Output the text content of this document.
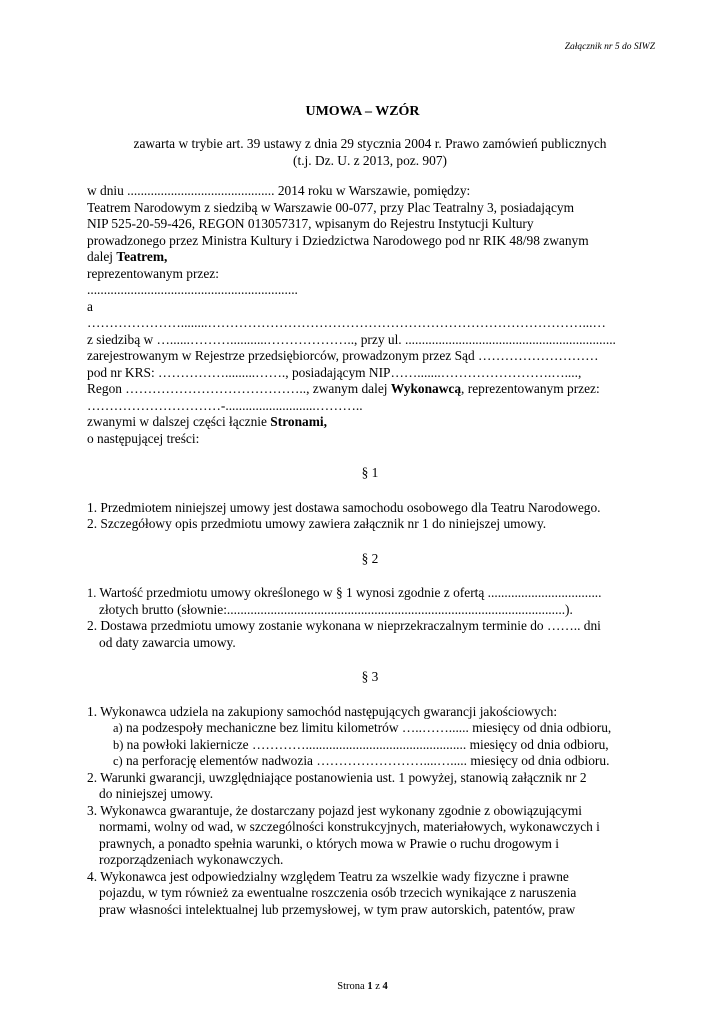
Załącznik nr 5 do SIWZ
UMOWA – WZÓR
zawarta w trybie art. 39 ustawy z dnia 29 stycznia 2004 r. Prawo zamówień publicznych
(t.j. Dz. U. z 2013, poz. 907)
w dniu ............................................ 2014 roku w Warszawie, pomiędzy:
Teatrem Narodowym z siedzibą w Warszawie 00-077, przy Plac Teatralny 3, posiadającym
NIP 525-20-59-426, REGON 013057317, wpisanym do Rejestru Instytucji Kultury
prowadzonego przez Ministra Kultury i Dziedzictwa Narodowego pod nr RIK 48/98 zwanym
dalej Teatrem,
reprezentowanym przez:
...............................................................
a
…………………........…………………………………………………………………………...…
z siedzibą w …......………...........……………….., przy ul. ...............................................................
zarejestrowanym w Rejestrze przedsiębiorców, prowadzonym przez Sąd ………………………
pod nr KRS: …………….........……., posiadającym NIP…….......…………………….…....,
Regon ………………………………….., zwanym dalej Wykonawcą, reprezentowanym przez:
…………………………-...........................………..
zwanymi w dalszej części łącznie Stronami,
o następującej treści:
§ 1
1. Przedmiotem niniejszej umowy jest dostawa samochodu osobowego dla Teatru Narodowego.
2. Szczegółowy opis przedmiotu umowy zawiera załącznik nr 1 do niniejszej umowy.
§ 2
1. Wartość przedmiotu umowy określonego w § 1 wynosi zgodnie z ofertą ..................................
złotych brutto (słownie:.....................................................................................................).
2. Dostawa przedmiotu umowy zostanie wykonana w nieprzekraczalnym terminie do …….. dni
od daty zawarcia umowy.
§ 3
1. Wykonawca udziela na zakupiony samochód następujących gwarancji jakościowych:
a) na podzespoły mechaniczne bez limitu kilometrów …..……...... miesięcy od dnia odbioru,
b) na powłoki lakiernicze …………................................................ miesięcy od dnia odbioru,
c) na perforację elementów nadwozia ……………………....…..... miesięcy od dnia odbioru.
2. Warunki gwarancji, uwzględniające postanowienia ust. 1 powyżej, stanowią załącznik nr 2
do niniejszej umowy.
3. Wykonawca gwarantuje, że dostarczany pojazd jest wykonany zgodnie z obowiązującymi
normami, wolny od wad, w szczególności konstrukcyjnych, materiałowych, wykonawczych i
prawnych, a ponadto spełnia warunki, o których mowa w Prawie o ruchu drogowym i
rozporządzeniach wykonawczych.
4. Wykonawca jest odpowiedzialny względem Teatru za wszelkie wady fizyczne i prawne
pojazdu, w tym również za ewentualne roszczenia osób trzecich wynikające z naruszenia
praw własności intelektualnej lub przemysłowej, w tym praw autorskich, patentów, praw
Strona 1 z 4
